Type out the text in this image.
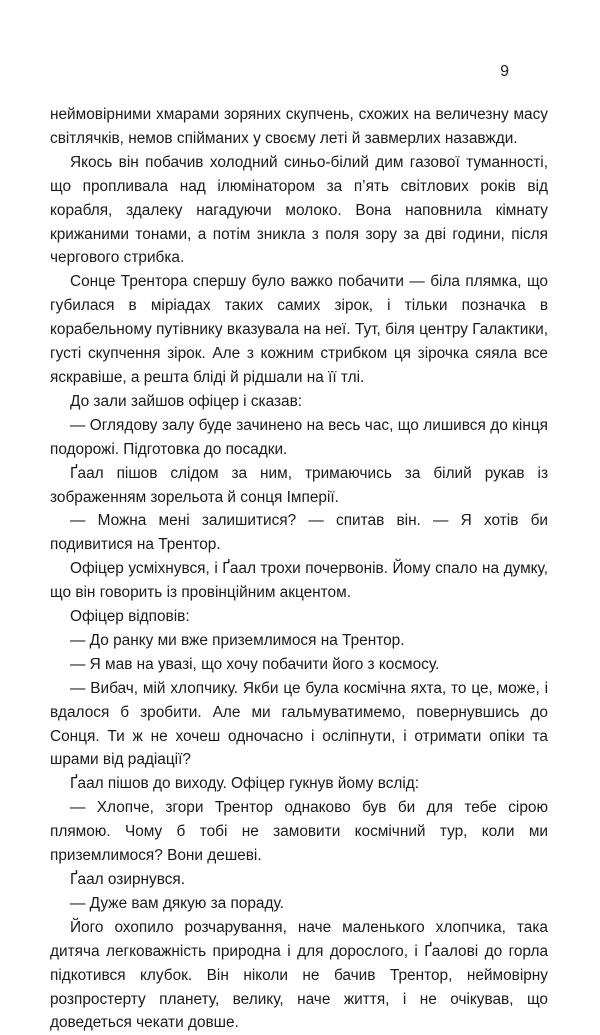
9

неймовірними хмарами зоряних скупчень, схожих на величезну масу світлячків, немов спійманих у своєму леті й завмерлих назавжди.

Якось він побачив холодний синьо-білий дим газової туманності, що пропливала над ілюмінатором за п’ять світлових років від корабля, здалеку нагадуючи молоко. Вона наповнила кімнату крижаними тонами, а потім зникла з поля зору за дві години, після чергового стрибка.

Сонце Трентора спершу було важко побачити — біла плямка, що губилася в міріадах таких самих зірок, і тільки позначка в корабельному путівнику вказувала на неї. Тут, біля центру Галактики, густі скупчення зірок. Але з кожним стрибком ця зірочка сяяла все яскравіше, а решта бліді й рідшали на її тлі.

До зали зайшов офіцер і сказав:

— Оглядову залу буде зачинено на весь час, що лишився до кінця подорожі. Підготовка до посадки.

Ґаал пішов слідом за ним, тримаючись за білий рукав із зображенням зорельота й сонця Імперії.

— Можна мені залишитися? — спитав він. — Я хотів би подивитися на Трентор.

Офіцер усміхнувся, і Ґаал трохи почервонів. Йому спало на думку, що він говорить із провінційним акцентом.

Офіцер відповів:

— До ранку ми вже приземлимося на Трентор.

— Я мав на увазі, що хочу побачити його з космосу.

— Вибач, мій хлопчику. Якби це була космічна яхта, то це, може, і вдалося б зробити. Але ми гальмуватимемо, повернувшись до Сонця. Ти ж не хочеш одночасно і осліпнути, і отримати опіки та шрами від радіації?

Ґаал пішов до виходу. Офіцер гукнув йому вслід:

— Хлопче, згори Трентор однаково був би для тебе сірою плямою. Чому б тобі не замовити космічний тур, коли ми приземлимося? Вони дешеві.

Ґаал озирнувся.

— Дуже вам дякую за пораду.

Його охопило розчарування, наче маленького хлопчика, така дитяча легковажність природна і для дорослого, і Ґаалові до горла підкотився клубок. Він ніколи не бачив Трентор, неймовірну розпростерту планету, велику, наче життя, і не очікував, що доведеться чекати довше.
